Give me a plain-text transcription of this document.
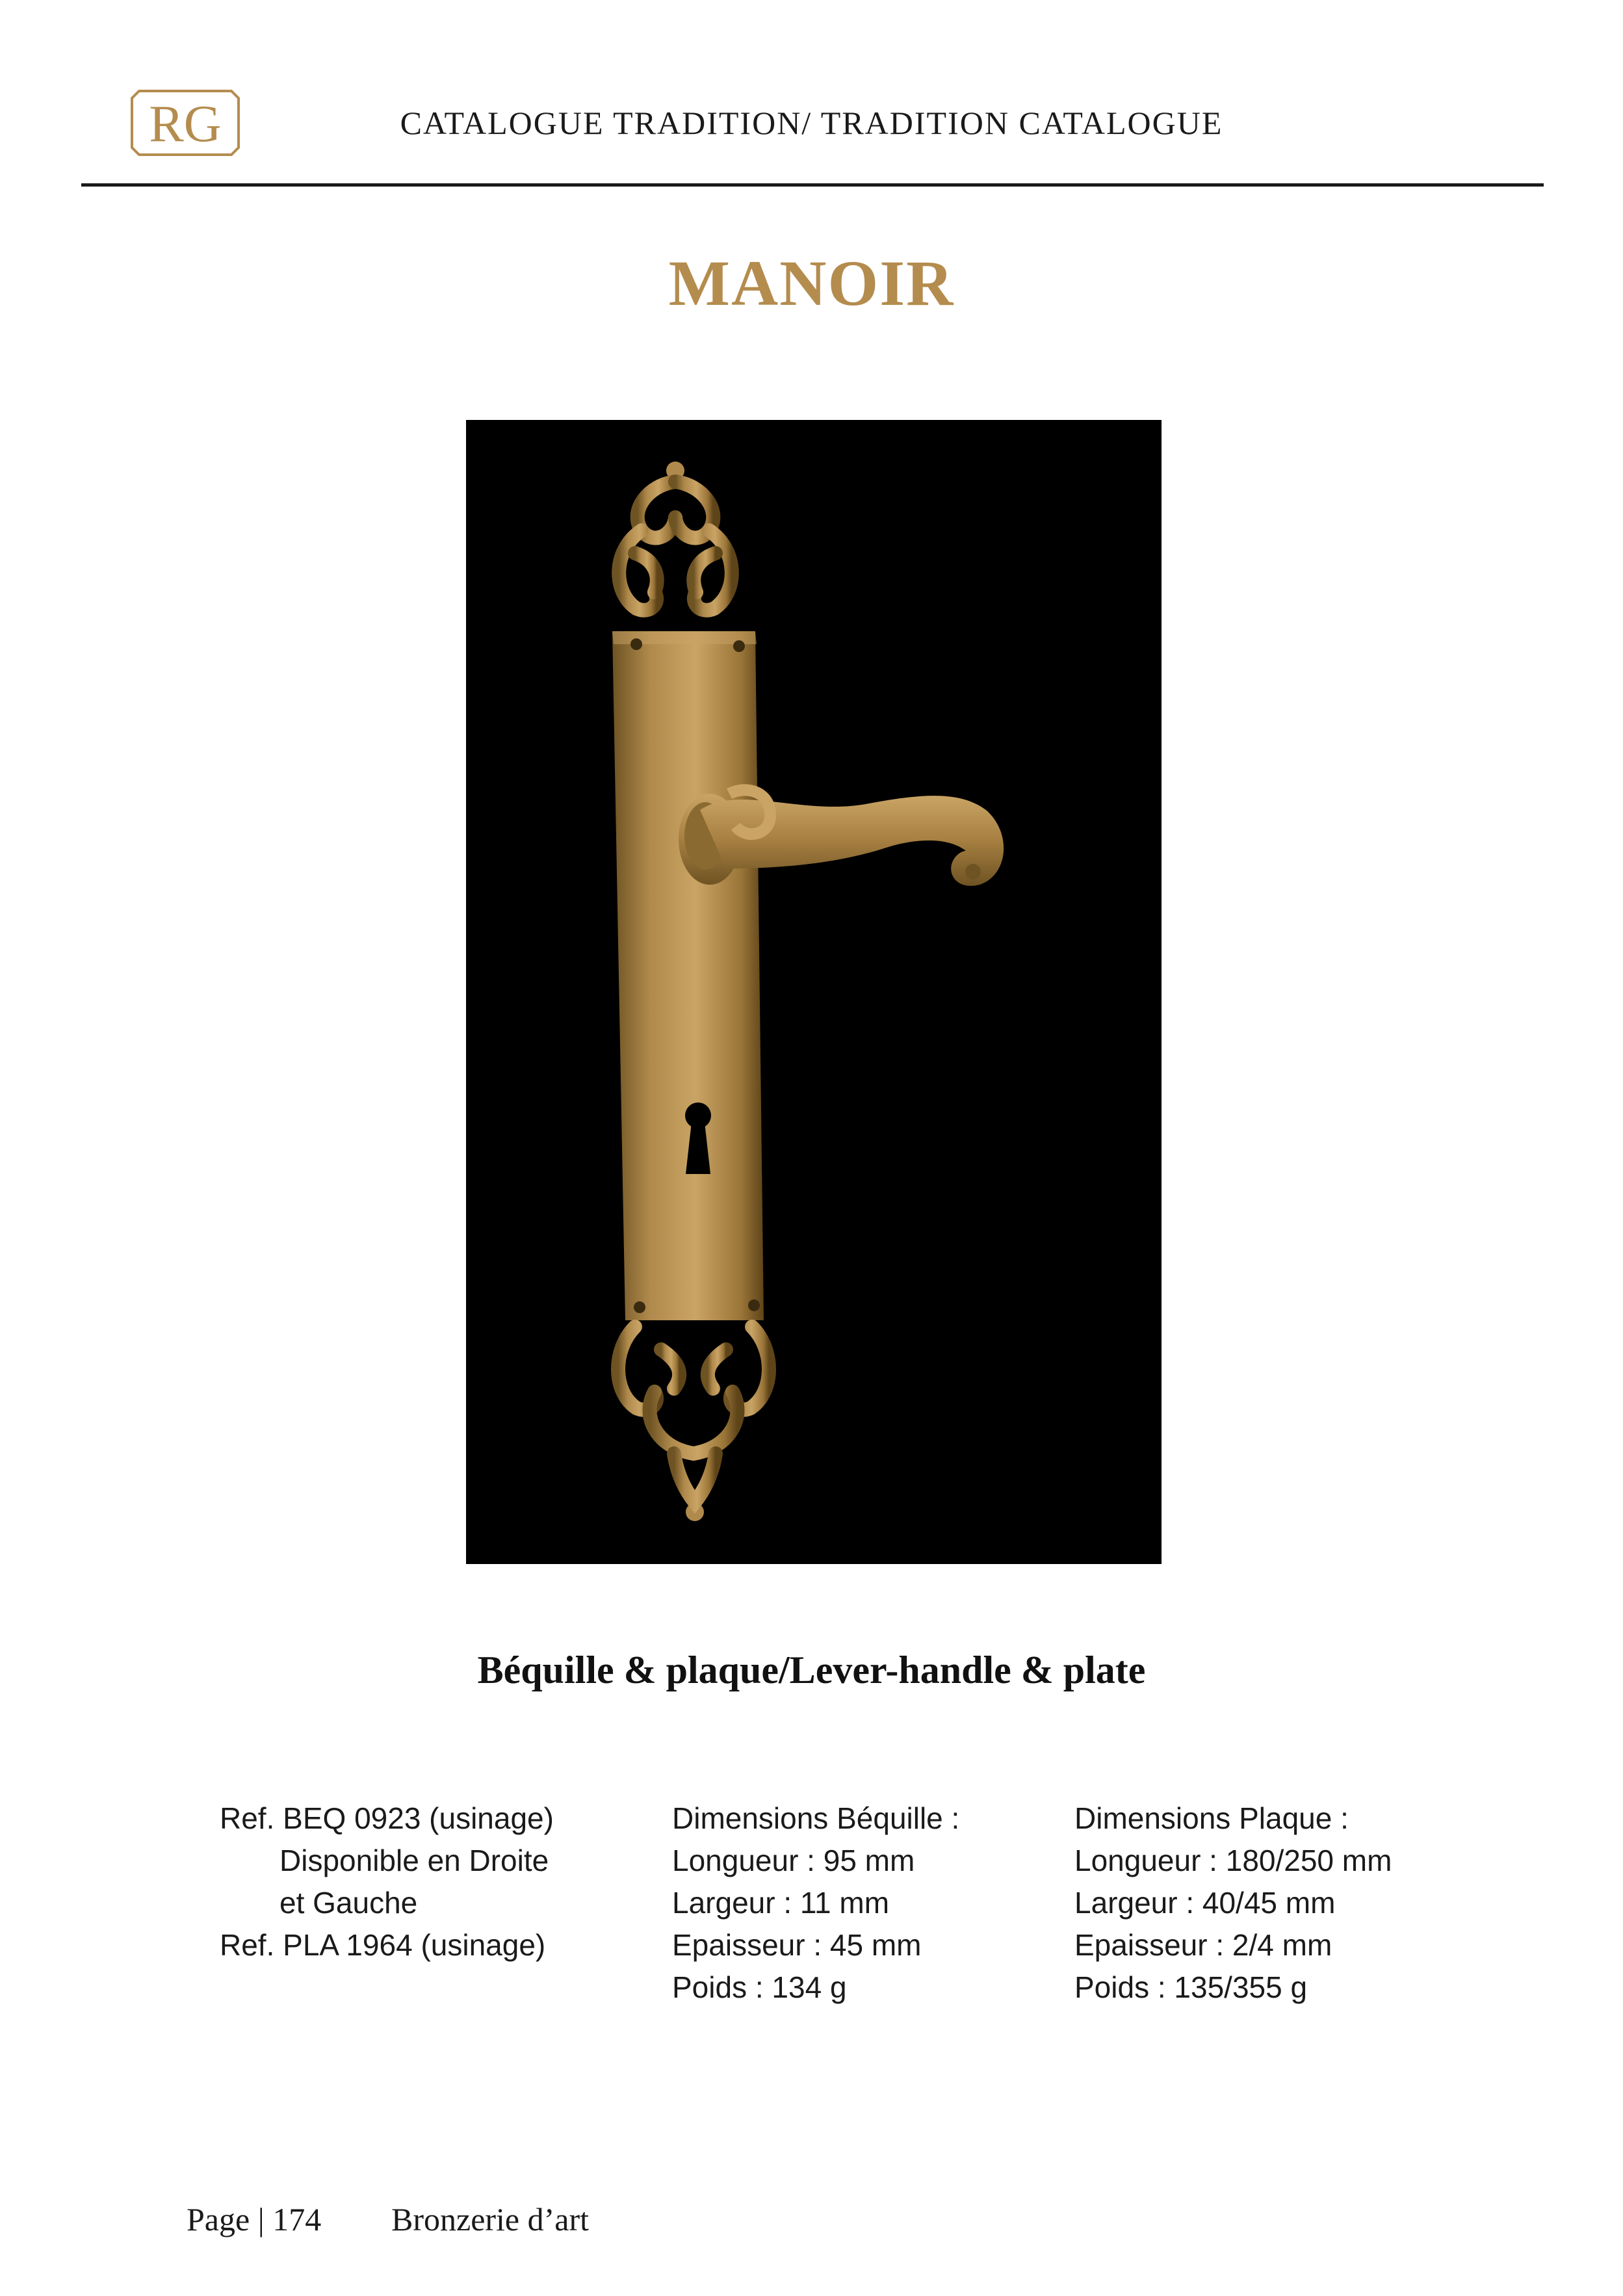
RG	CATALOGUE TRADITION/ TRADITION CATALOGUE
MANOIR
Béquille & plaque/Lever-handle & plate
Ref. BEQ 0923 (usinage)
Disponible en Droite
et Gauche
Ref. PLA 1964 (usinage)
Dimensions Béquille :
Longueur : 95 mm
Largeur : 11 mm
Epaisseur : 45 mm
Poids : 134 g
Dimensions Plaque :
Longueur : 180/250 mm
Largeur : 40/45 mm
Epaisseur : 2/4 mm
Poids : 135/355 g
Page | 174 Bronzerie d’art
